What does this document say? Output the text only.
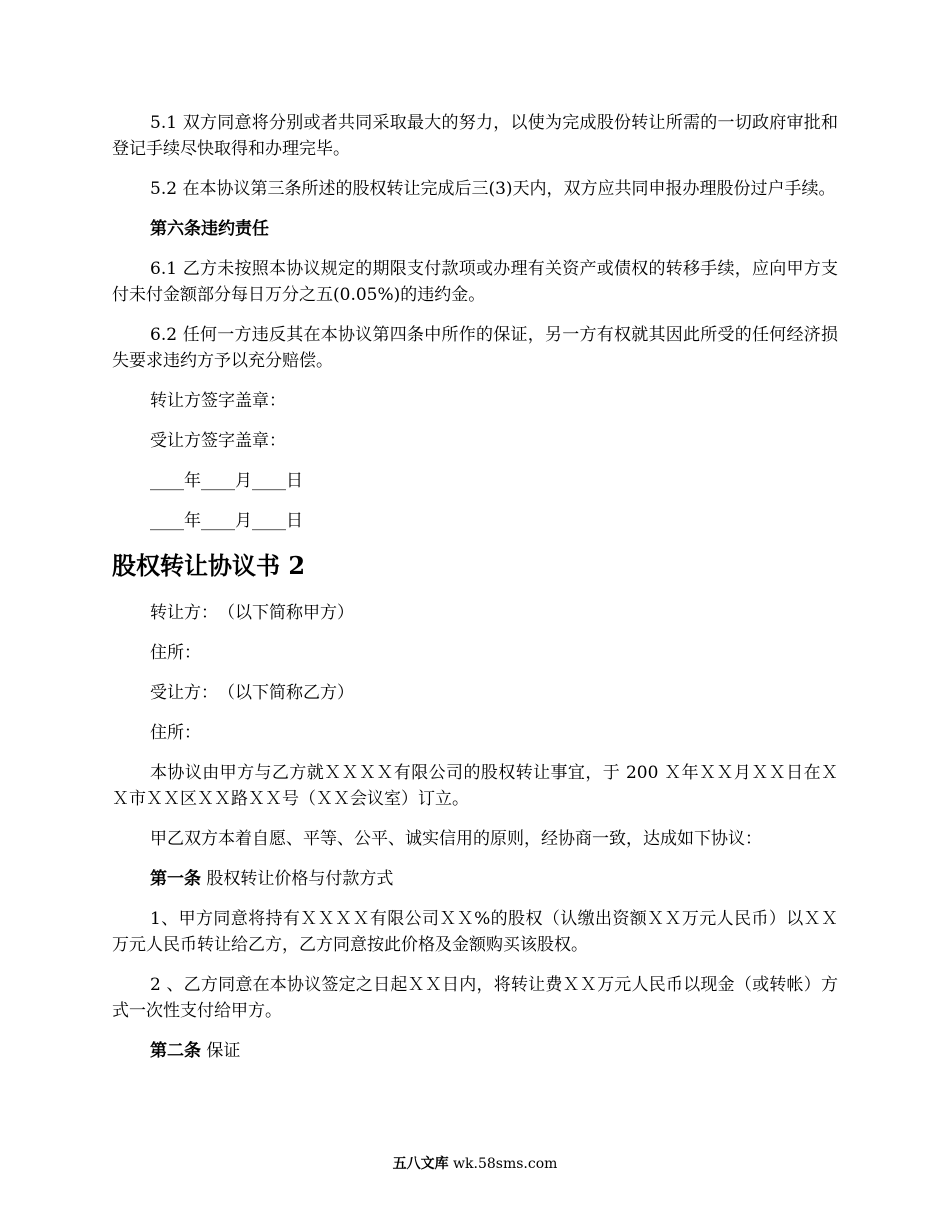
5.1 双方同意将分别或者共同采取最大的努力，以使为完成股份转让所需的一切政府审批和登记手续尽快取得和办理完毕。

5.2 在本协议第三条所述的股权转让完成后三(3)天内，双方应共同申报办理股份过户手续。

第六条违约责任

6.1 乙方未按照本协议规定的期限支付款项或办理有关资产或债权的转移手续，应向甲方支付未付金额部分每日万分之五(0.05%)的违约金。

6.2 任何一方违反其在本协议第四条中所作的保证，另一方有权就其因此所受的任何经济损失要求违约方予以充分赔偿。

转让方签字盖章：

受让方签字盖章：

____年____月____日

____年____月____日

股权转让协议书 2

转让方：　（以下简称甲方）

住所：

受让方：　（以下简称乙方）

住所：

本协议由甲方与乙方就ＸＸＸＸ有限公司的股权转让事宜，于 200 Ｘ年ＸＸ月ＸＸ日在ＸＸ市ＸＸ区ＸＸ路ＸＸ号（ＸＸ会议室）订立。

甲乙双方本着自愿、平等、公平、诚实信用的原则，经协商一致，达成如下协议：

第一条 股权转让价格与付款方式

1、甲方同意将持有ＸＸＸＸ有限公司ＸＸ%的股权（认缴出资额ＸＸ万元人民币）以ＸＸ万元人民币转让给乙方，乙方同意按此价格及金额购买该股权。

2 、乙方同意在本协议签定之日起ＸＸ日内，将转让费ＸＸ万元人民币以现金（或转帐）方式一次性支付给甲方。

第二条 保证

五八文库 wk.58sms.com
